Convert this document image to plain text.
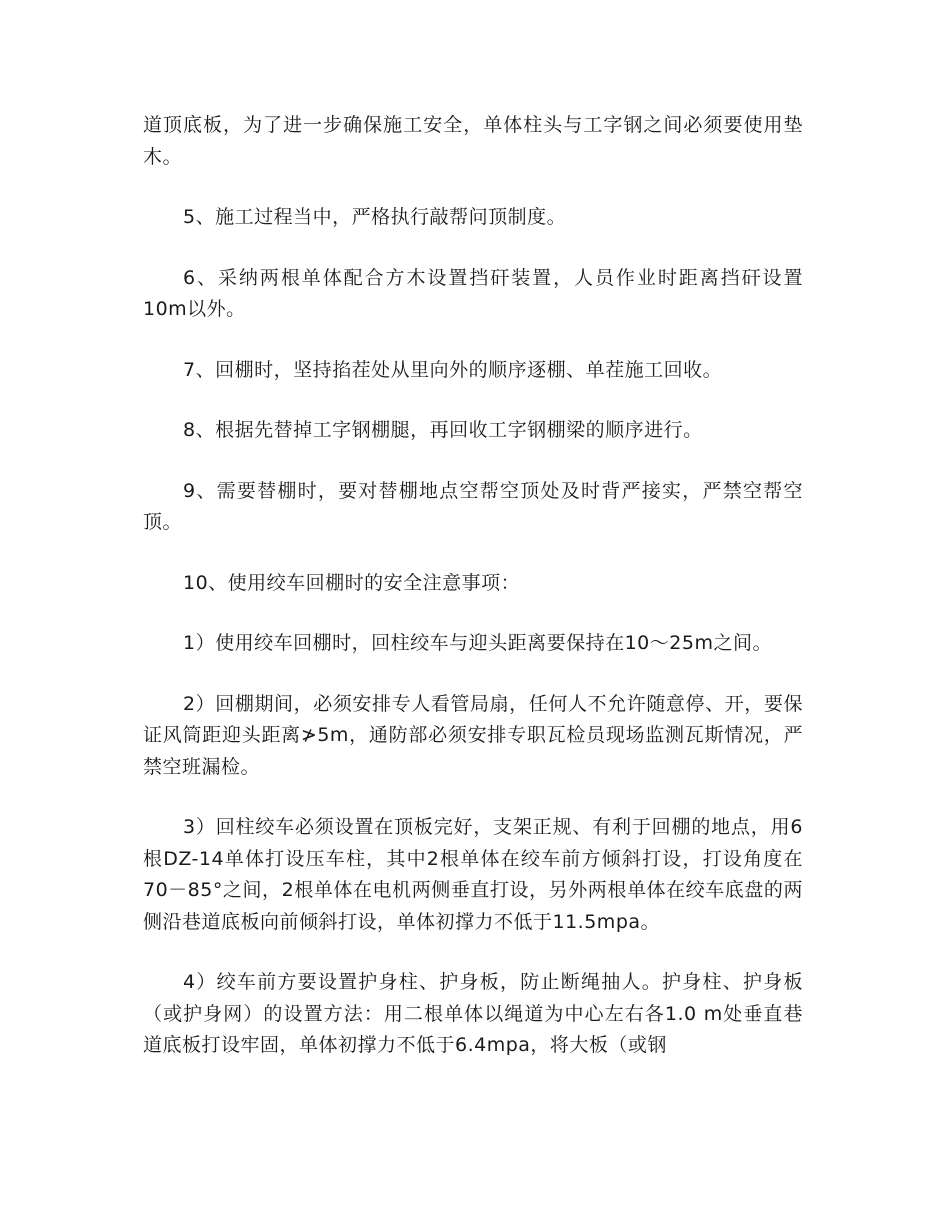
道顶底板，为了进一步确保施工安全，单体柱头与工字钢之间必须要使用垫木。

5、施工过程当中，严格执行敲帮问顶制度。

6、采纳两根单体配合方木设置挡矸装置，人员作业时距离挡矸设置10m以外。

7、回棚时，坚持掐茬处从里向外的顺序逐棚、单茬施工回收。

8、根据先替掉工字钢棚腿，再回收工字钢棚梁的顺序进行。

9、需要替棚时，要对替棚地点空帮空顶处及时背严接实，严禁空帮空顶。

10、使用绞车回棚时的安全注意事项：

1）使用绞车回棚时，回柱绞车与迎头距离要保持在10～25m之间。

2）回棚期间，必须安排专人看管局扇，任何人不允许随意停、开，要保证风筒距迎头距离≯5m，通防部必须安排专职瓦检员现场监测瓦斯情况，严禁空班漏检。

3）回柱绞车必须设置在顶板完好，支架正规、有利于回棚的地点，用6根DZ-14单体打设压车柱，其中2根单体在绞车前方倾斜打设，打设角度在70－85°之间，2根单体在电机两侧垂直打设，另外两根单体在绞车底盘的两侧沿巷道底板向前倾斜打设，单体初撑力不低于11.5mpa。

4）绞车前方要设置护身柱、护身板，防止断绳抽人。护身柱、护身板（或护身网）的设置方法：用二根单体以绳道为中心左右各1.0 m处垂直巷道底板打设牢固，单体初撑力不低于6.4mpa，将大板（或钢
